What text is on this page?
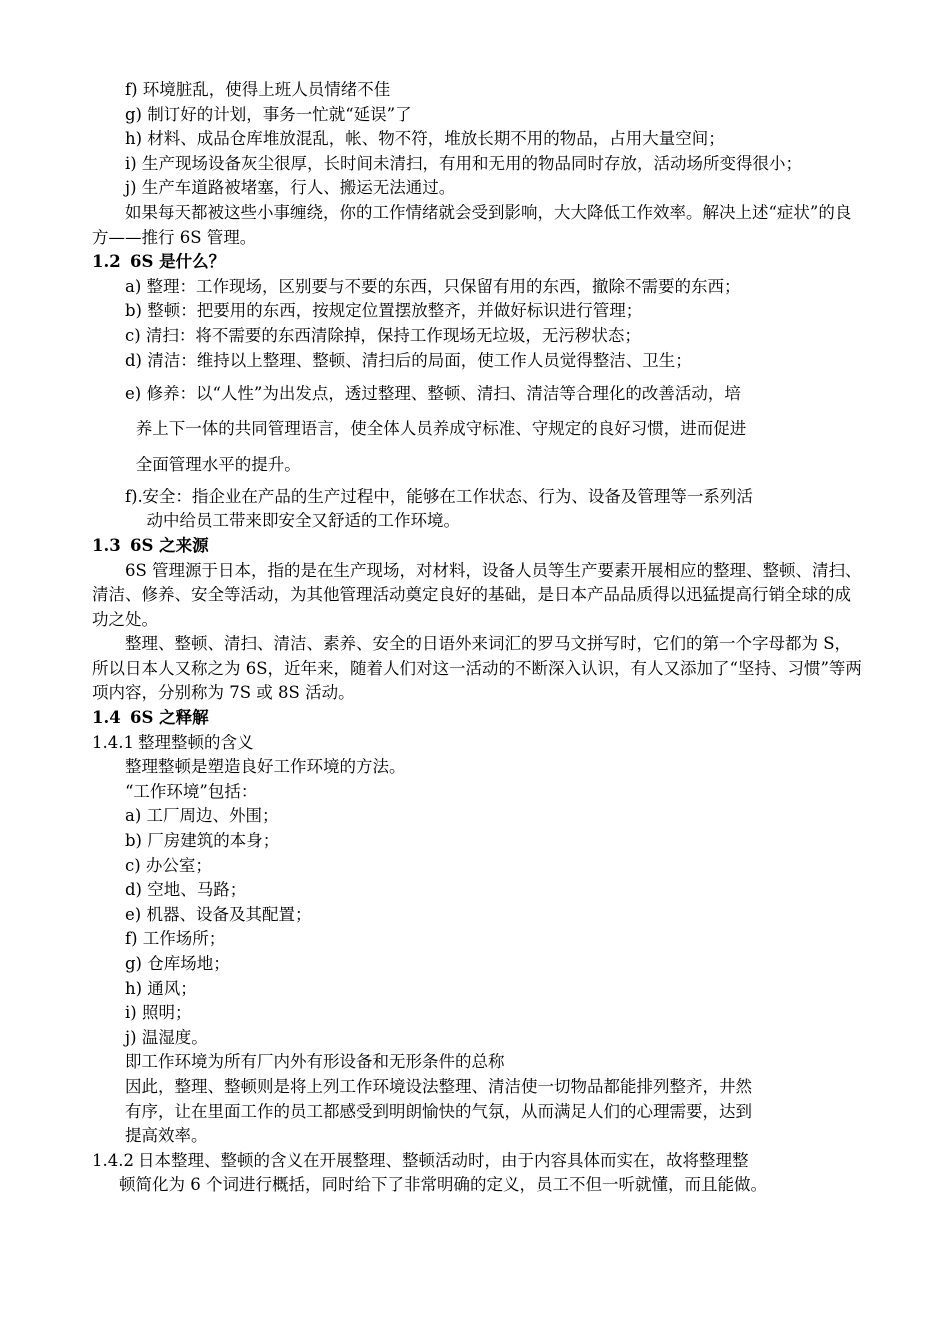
f) 环境脏乱，使得上班人员情绪不佳
g) 制订好的计划，事务一忙就“延误”了
h) 材料、成品仓库堆放混乱，帐、物不符，堆放长期不用的物品，占用大量空间；
i) 生产现场设备灰尘很厚，长时间未清扫，有用和无用的物品同时存放，活动场所变得很小；
j) 生产车道路被堵塞，行人、搬运无法通过。
如果每天都被这些小事缠绕，你的工作情绪就会受到影响，大大降低工作效率。解决上述“症状”的良方——推行 6S 管理。
1.2 6S 是什么？
a) 整理：工作现场，区别要与不要的东西，只保留有用的东西，撤除不需要的东西；
b) 整顿：把要用的东西，按规定位置摆放整齐，并做好标识进行管理；
c) 清扫：将不需要的东西清除掉，保持工作现场无垃圾，无污秽状态；
d) 清洁：维持以上整理、整顿、清扫后的局面，使工作人员觉得整洁、卫生；
e) 修养：以“人性”为出发点，透过整理、整顿、清扫、清洁等合理化的改善活动，培
养上下一体的共同管理语言，使全体人员养成守标准、守规定的良好习惯，进而促进
全面管理水平的提升。
f).安全：指企业在产品的生产过程中，能够在工作状态、行为、设备及管理等一系列活
动中给员工带来即安全又舒适的工作环境。
1.3 6S 之来源
6S 管理源于日本，指的是在生产现场，对材料，设备人员等生产要素开展相应的整理、整顿、清扫、清洁、修养、安全等活动，为其他管理活动奠定良好的基础，是日本产品品质得以迅猛提高行销全球的成功之处。
整理、整顿、清扫、清洁、素养、安全的日语外来词汇的罗马文拼写时，它们的第一个字母都为 S，所以日本人又称之为 6S，近年来，随着人们对这一活动的不断深入认识，有人又添加了“坚持、习惯”等两项内容，分别称为 7S 或 8S 活动。
1.4 6S 之释解
1.4.1 整理整顿的含义
整理整顿是塑造良好工作环境的方法。
“工作环境”包括：
a) 工厂周边、外围；
b) 厂房建筑的本身；
c) 办公室；
d) 空地、马路；
e) 机器、设备及其配置；
f) 工作场所；
g) 仓库场地；
h) 通风；
i) 照明；
j) 温湿度。
即工作环境为所有厂内外有形设备和无形条件的总称
因此，整理、整顿则是将上列工作环境设法整理、清洁使一切物品都能排列整齐，井然
有序，让在里面工作的员工都感受到明朗愉快的气氛，从而满足人们的心理需要，达到
提高效率。
1.4.2 日本整理、整顿的含义在开展整理、整顿活动时，由于内容具体而实在，故将整理整
顿简化为 6 个词进行概括，同时给下了非常明确的定义，员工不但一听就懂，而且能做。
